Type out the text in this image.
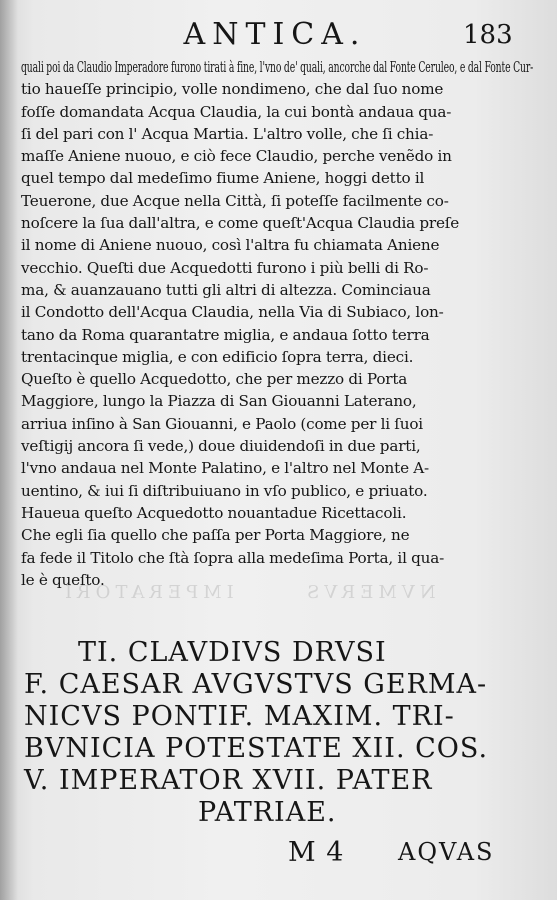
ANTICA.	183
quali poi da Claudio Imperadore furono tirati à fine, l'vno de' quali, ancorche dal Fonte Ceruleo, e dal Fonte Cur-
tio haueſſe principio, volle nondimeno, che dal ſuo nome
foſſe domandata Acqua Claudia, la cui bontà andaua qua-
ſi del pari con l' Acqua Martia. L'altro volle, che ſi chia-
maſſe Aniene nuouo, e ciò fece Claudio, perche venẽdo in
quel tempo dal medeſimo fiume Aniene, hoggi detto il
Teuerone, due Acque nella Città, ſi poteſſe facilmente co-
noſcere la ſua dall'altra, e come queſt'Acqua Claudia preſe
il nome di Aniene nuouo, così l'altra fu chiamata Aniene
vecchio. Queſti due Acquedotti furono i più belli di Ro-
ma, & auanzauano tutti gli altri di altezza. Cominciaua
il Condotto dell'Acqua Claudia, nella Via di Subiaco, lon-
tano da Roma quarantatre miglia, e andaua ſotto terra
trentacinque miglia, e con edificio ſopra terra, dieci.
Queſto è quello Acquedotto, che per mezzo di Porta
Maggiore, lungo la Piazza di San Giouanni Laterano,
arriua inſino à San Giouanni, e Paolo (come per li ſuoi
veſtigij ancora ſi vede,) doue diuidendoſi in due parti,
l'vno andaua nel Monte Palatino, e l'altro nel Monte A-
uentino, & iui ſi diſtribuiuano in vſo publico, e priuato.
Haueua queſto Acquedotto nouantadue Ricettacoli.
Che egli ſia quello che paſſa per Porta Maggiore, ne
fa fede il Titolo che ſtà ſopra alla medeſima Porta, il qua-
le è queſto.
IMPERATORI	NVMERVS
TI. CLAVDIVS DRVSI
F. CAESAR AVGVSTVS GERMA-
NICVS PONTIF. MAXIM. TRI-
BVNICIA POTESTATE XII. COS.
V. IMPERATOR XVII. PATER
PATRIAE.
M 4 AQVAS
